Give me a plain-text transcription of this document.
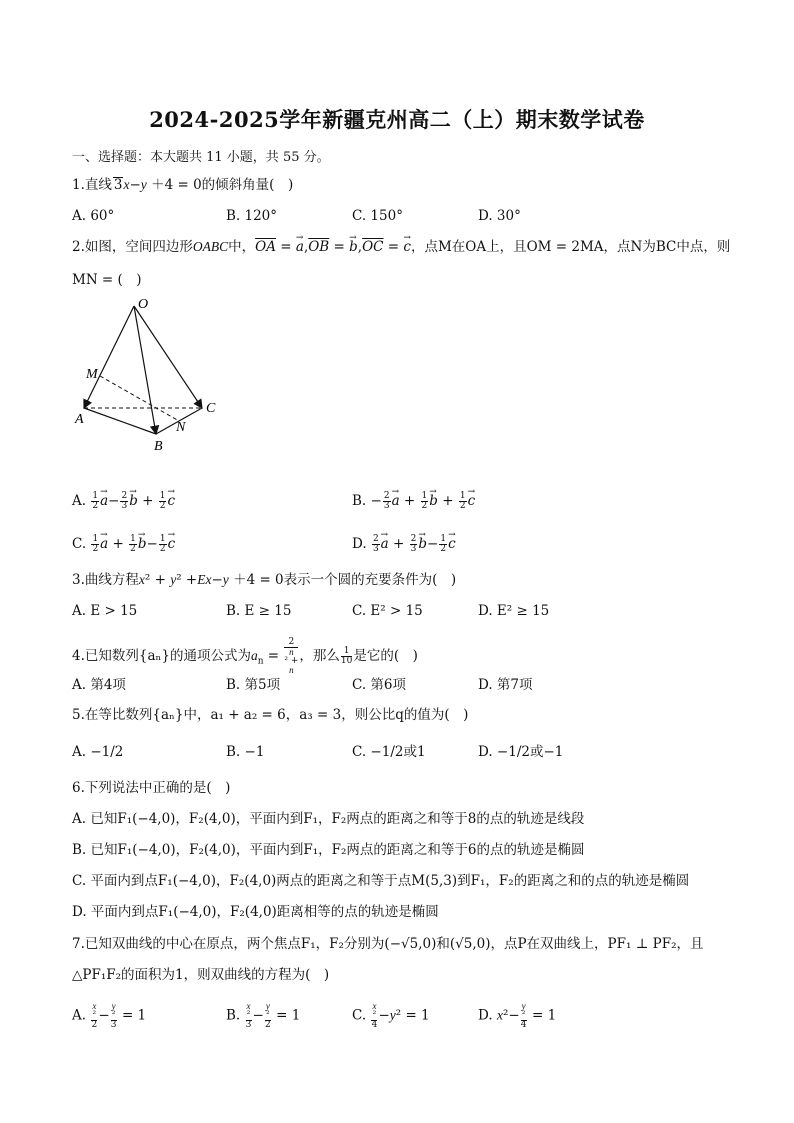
2024-2025学年新疆克州高二（上）期末数学试卷
一、选择题：本大题共 11 小题，共 55 分。
1.直线 3x−y ＋4 = 0的倾斜角量(　)
A. 60°	B. 120°	C. 150°	D. 30°
2.如图，空间四边形OABC中，$\overline{OA}$ = → $a,\overline{OB}$ = → $b,\overline{OC}$ = → c，点M在OA上，且OM = 2MA，点N为BC中点，则
MN = (　)
O
M
A
C
N
B
A. $\frac{1}{2} \to a- \frac{2}{3} \to b + \frac{1}{2} \to c$	B. − $\frac{2}{3} \to a + \frac{1}{2} \to b + \frac{1}{2} \to c$
C. $\frac{1}{2} \to a + \frac{1}{2} \to b- \frac{1}{2} \to c$	D. $\frac{2}{3} \to a + \frac{2}{3} \to b- \frac{1}{2} \to c$
3.曲线方程x² + y² +Ex−y ＋4 = 0表示一个圆的充要条件为(　)
A. E > 15	B. E ≥ 15	C. E² > 15	D. E² ≥ 15
4.已知数列{aₙ}的通项公式为$a_n = 2$
n
² +
n ，那么 $\frac{1}{10}$ 是它的(　)
A. 第4项	B. 第5项	C. 第6项	D. 第7项
5.在等比数列{aₙ}中，a₁ + a₂ = 6，a₃ = 3，则公比q的值为(　)
A. −1/2	B. −1	C. −1/2或1	D. −1/2或−1
6.下列说法中正确的是(　)
A. 已知F₁(−4,0)，F₂(4,0)，平面内到F₁，F₂两点的距离之和等于8的点的轨迹是线段
B. 已知F₁(−4,0)，F₂(4,0)，平面内到F₁，F₂两点的距离之和等于6的点的轨迹是椭圆
C. 平面内到点F₁(−4,0)，F₂(4,0)两点的距离之和等于点M(5,3)到F₁，F₂的距离之和的点的轨迹是椭圆
D. 平面内到点F₁(−4,0)，F₂(4,0)距离相等的点的轨迹是椭圆
7.已知双曲线的中心在原点，两个焦点F₁，F₂分别为(−√5,0)和(√5,0)，点P在双曲线上，PF₁ ⊥ PF₂，且
△PF₁F₂的面积为1，则双曲线的方程为(　)
A. x
²
2 − y
²
3 = 1	B. x
²
3 − y
²
2 = 1	C. x
²
4 −y² = 1	D. x²− y
²
4 = 1
